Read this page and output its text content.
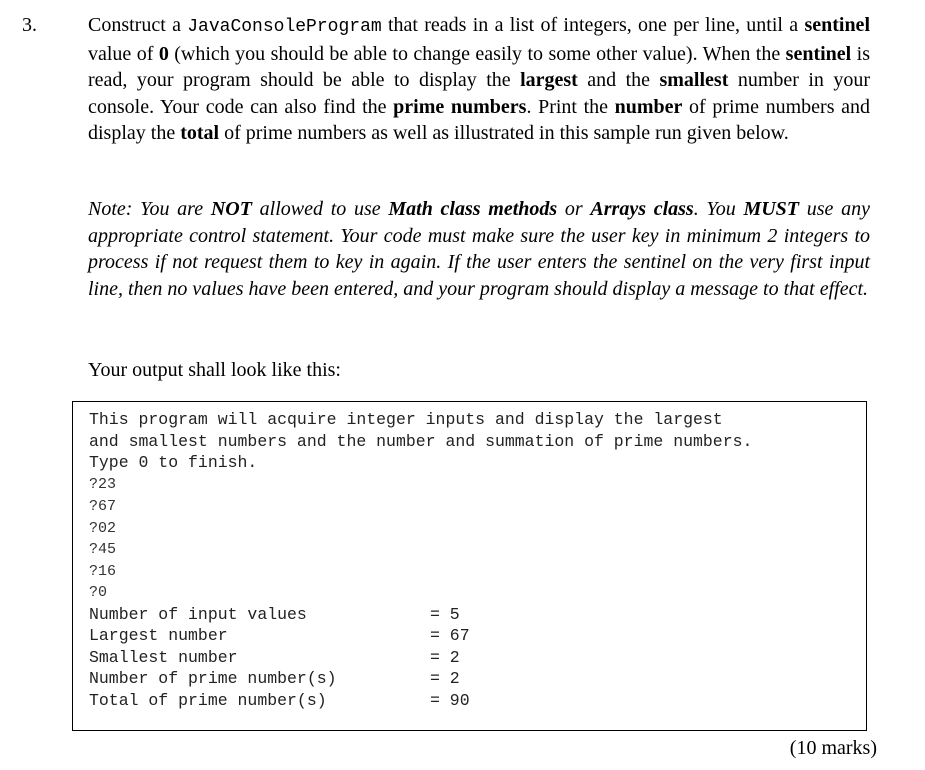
3.	Construct a JavaConsoleProgram that reads in a list of integers, one per line, until a sentinel value of 0 (which you should be able to change easily to some other value). When the sentinel is read, your program should be able to display the largest and the smallest number in your console. Your code can also find the prime numbers. Print the number of prime numbers and display the total of prime numbers as well as illustrated in this sample run given below.
Note: You are NOT allowed to use Math class methods or Arrays class. You MUST use any appropriate control statement. Your code must make sure the user key in minimum 2 integers to process if not request them to key in again. If the user enters the sentinel on the very first input line, then no values have been entered, and your program should display a message to that effect.
Your output shall look like this:
This program will acquire integer inputs and display the largest
and smallest numbers and the number and summation of prime numbers.
Type 0 to finish.
?23
?67
?02
?45
?16
?0
Number of input values	= 5
Largest number	= 67
Smallest number	= 2
Number of prime number(s)	= 2
Total of prime number(s)	= 90
(10 marks)
